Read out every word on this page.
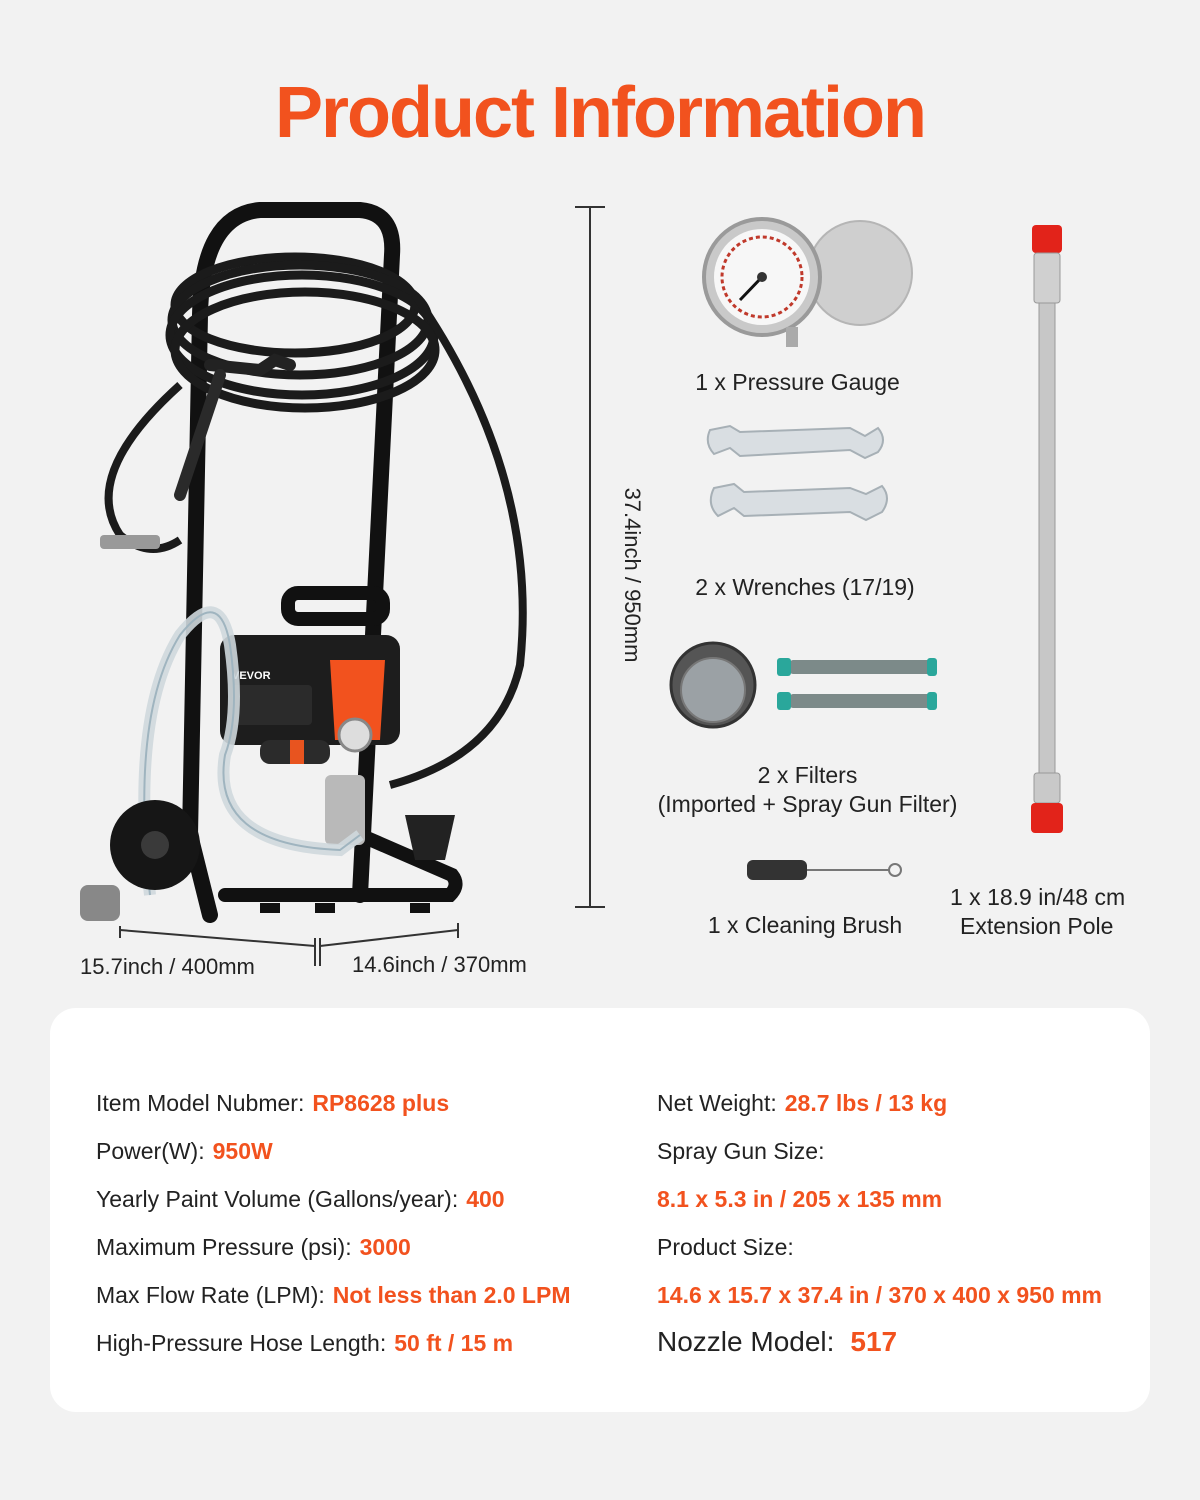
Product Information
VEVOR
37.4inch / 950mm
15.7inch / 400mm	14.6inch / 370mm
1 x Pressure Gauge
2 x Wrenches (17/19)
2 x Filters
(Imported + Spray Gun Filter)
1 x Cleaning Brush
1 x 18.9 in/48 cm
Extension Pole
Item Model Nubmer: RP8628 plus
Power(W): 950W
Yearly Paint Volume (Gallons/year): 400
Maximum Pressure (psi): 3000
Max Flow Rate (LPM): Not less than 2.0 LPM
High-Pressure Hose Length: 50 ft / 15 m
Net Weight: 28.7 lbs / 13 kg
Spray Gun Size:
8.1 x 5.3 in / 205 x 135 mm
Product Size:
14.6 x 15.7 x 37.4 in / 370 x 400 x 950 mm
Nozzle Model: 517
